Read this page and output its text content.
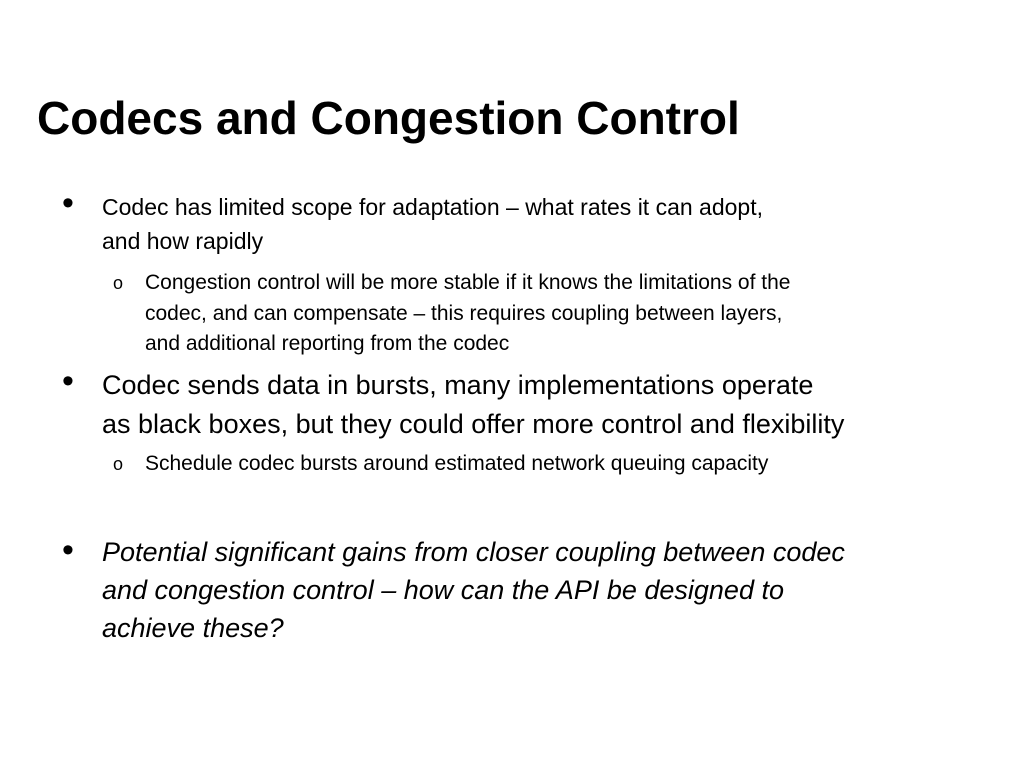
Codecs and Congestion Control
• Codec has limited scope for adaptation – what rates it can adopt,
and how rapidly
o Congestion control will be more stable if it knows the limitations of the
codec, and can compensate – this requires coupling between layers,
and additional reporting from the codec
• Codec sends data in bursts, many implementations operate
as black boxes, but they could offer more control and flexibility
o Schedule codec bursts around estimated network queuing capacity
• Potential significant gains from closer coupling between codec
and congestion control – how can the API be designed to
achieve these?
